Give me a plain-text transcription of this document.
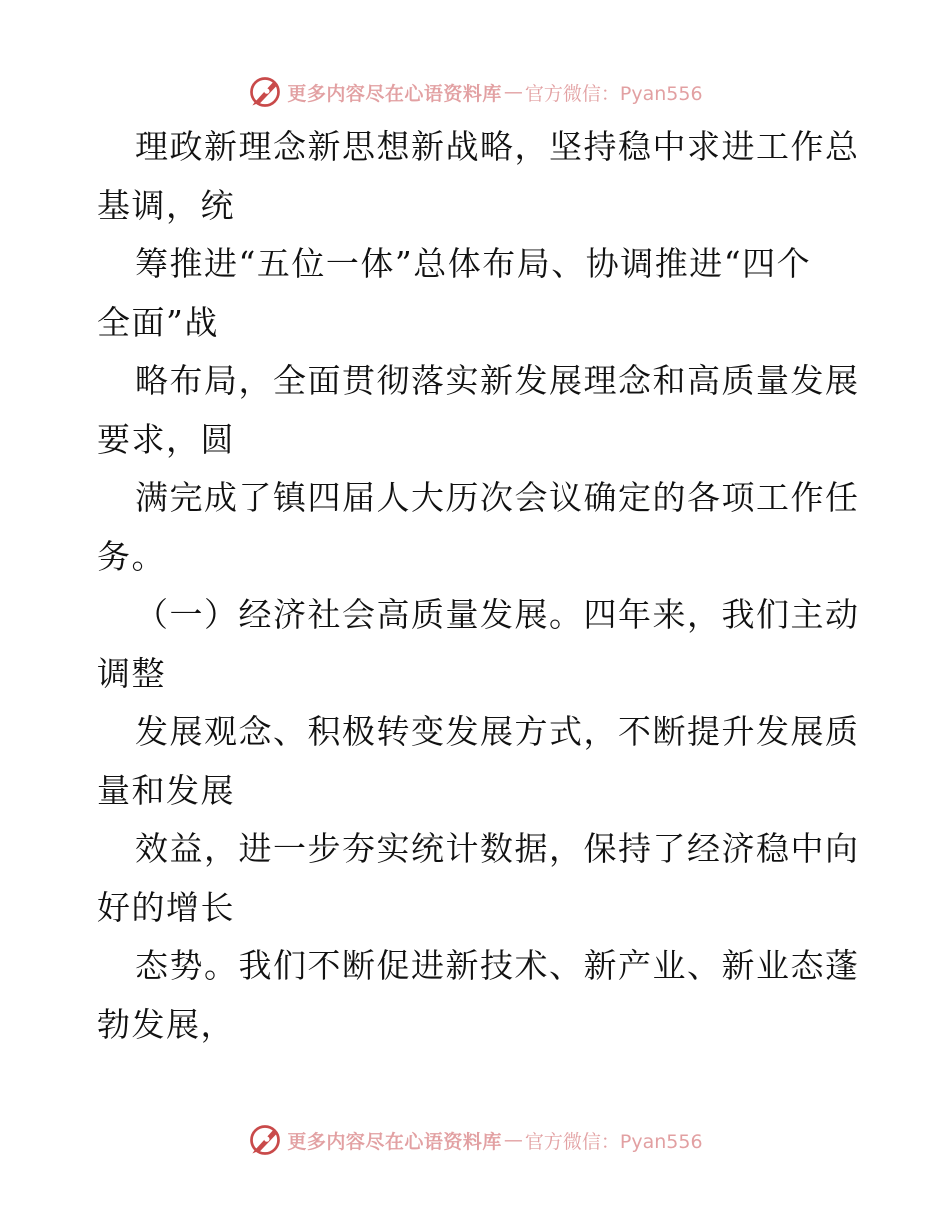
更多内容尽在心语资料库 — 官方微信：Pyan556
理政新理念新思想新战略，坚持稳中求进工作总
基调，统
筹推进“五位一体”总体布局、协调推进“四个
全面”战
略布局，全面贯彻落实新发展理念和高质量发展
要求，圆
满完成了镇四届人大历次会议确定的各项工作任
务。
（一）经济社会高质量发展。四年来，我们主动
调整
发展观念、积极转变发展方式，不断提升发展质
量和发展
效益，进一步夯实统计数据，保持了经济稳中向
好的增长
态势。我们不断促进新技术、新产业、新业态蓬
勃发展，
更多内容尽在心语资料库 — 官方微信：Pyan556
